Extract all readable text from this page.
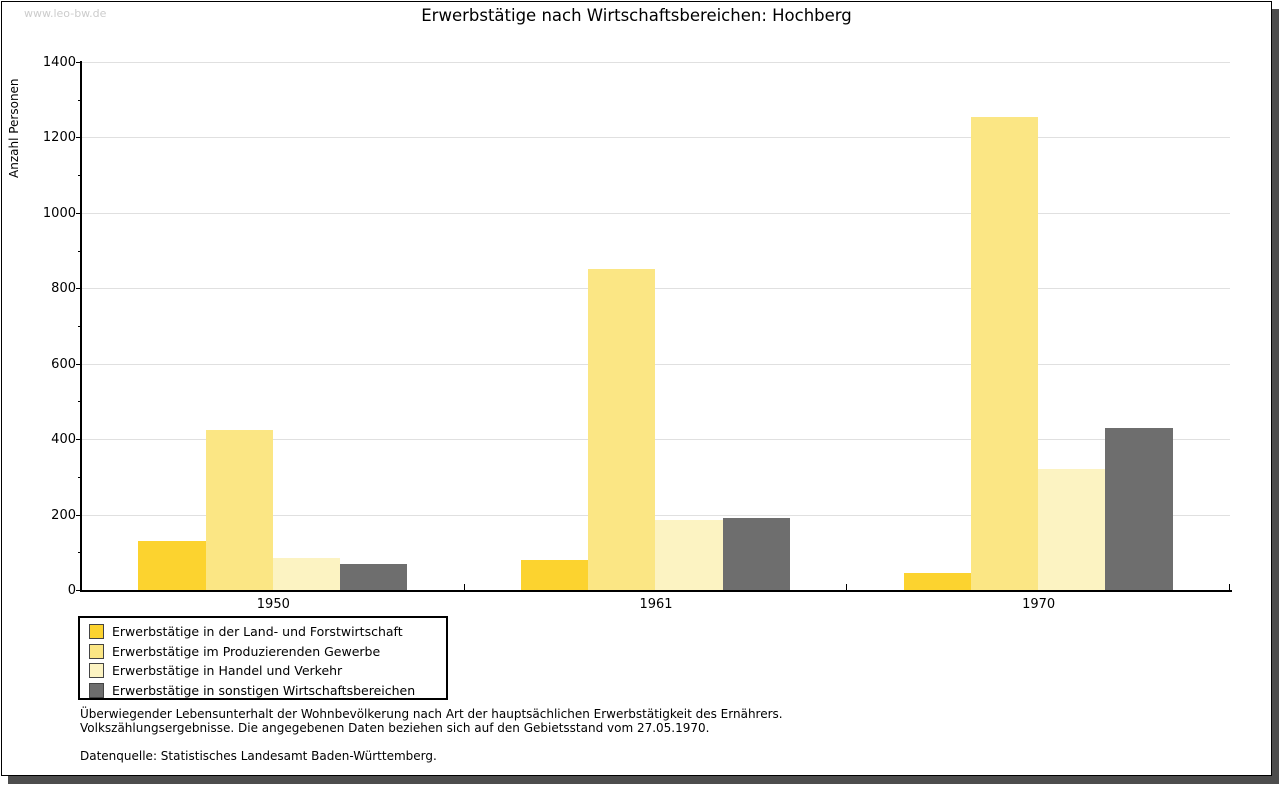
www.leo-bw.de	Erwerbstätige nach Wirtschaftsbereichen: Hochberg
Anzahl Personen
Erwerbstätige in der Land- und Forstwirtschaft
Erwerbstätige im Produzierenden Gewerbe
Erwerbstätige in Handel und Verkehr
Erwerbstätige in sonstigen Wirtschaftsbereichen
Überwiegender Lebensunterhalt der Wohnbevölkerung nach Art der hauptsächlichen Erwerbstätigkeit des Ernährers.
Volkszählungsergebnisse. Die angegebenen Daten beziehen sich auf den Gebietsstand vom 27.05.1970.
Datenquelle: Statistisches Landesamt Baden-Württemberg.
0
200
400
600
800
1000
1200
1400
1950	1961	1970
